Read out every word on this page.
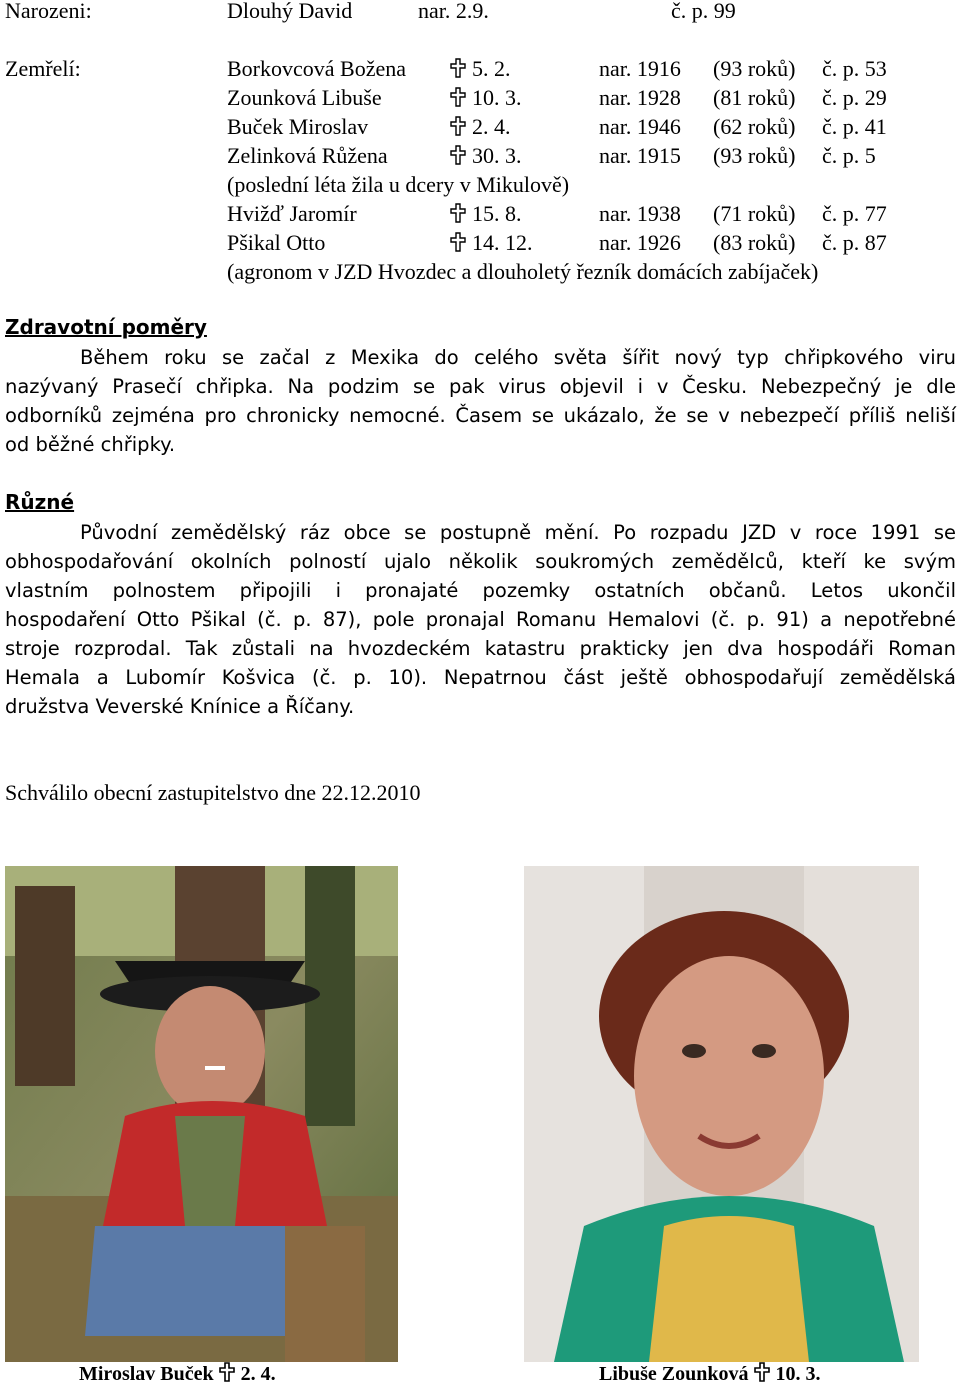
Narozeni:	Dlouhý David	nar. 2.9.	č. p. 99
Zemřelí:	Borkovcová Božena	5. 2.	nar. 1916 (93 roků) č. p. 53
Zounková Libuše	10. 3.	nar. 1928 (81 roků) č. p. 29
Buček Miroslav	2. 4.	nar. 1946 (62 roků) č. p. 41
Zelinková Růžena	30. 3.	nar. 1915 (93 roků) č. p. 5
Hvižď Jaromír	15. 8.	nar. 1938 (71 roků) č. p. 77
Pšikal Otto	14. 12.	nar. 1926 (83 roků) č. p. 87
(poslední léta žila u dcery v Mikulově)
(agronom v JZD Hvozdec a dlouholetý řezník domácích zabíjaček)
Zdravotní poměry
Během roku se začal z Mexika do celého světa šířit nový typ chřipkového viru
nazývaný Prasečí chřipka. Na podzim se pak virus objevil i v Česku. Nebezpečný je dle
odborníků zejména pro chronicky nemocné. Časem se ukázalo, že se v nebezpečí příliš neliší
od běžné chřipky.
Různé
Původní zemědělský ráz obce se postupně mění. Po rozpadu JZD v roce 1991 se
obhospodařování okolních polností ujalo několik soukromých zemědělců, kteří ke svým
vlastním polnostem připojili i pronajaté pozemky ostatních občanů. Letos ukončil
hospodaření Otto Pšikal (č. p. 87), pole pronajal Romanu Hemalovi (č. p. 91) a nepotřebné
stroje rozprodal. Tak zůstali na hvozdeckém katastru prakticky jen dva hospodáři Roman
Hemala a Lubomír Košvica (č. p. 10). Nepatrnou část ještě obhospodařují zemědělská
družstva Veverské Knínice a Říčany.
Schválilo obecní zastupitelstvo dne 22.12.2010
Miroslav Buček 2. 4.	Libuše Zounková 10. 3.
